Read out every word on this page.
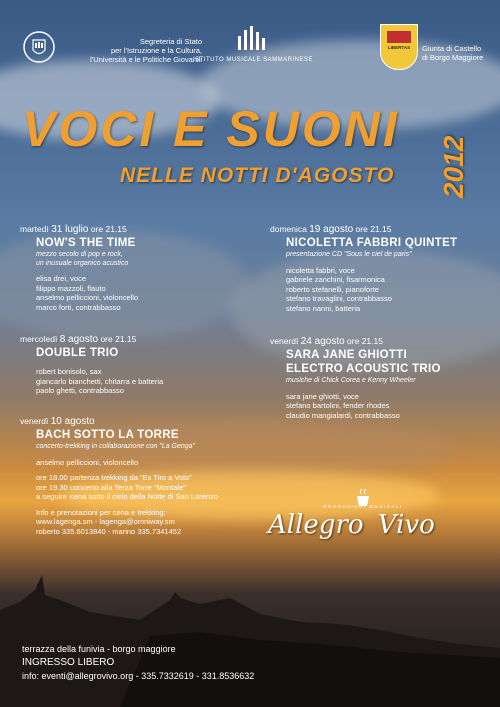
Segreteria di Stato
per l'Istruzione e la Cultura,
l'Università e le Politiche Giovanili
ISTITUTO MUSICALE SAMMARINESE
LIBERTAS	Giunta di Castello
di Borgo Maggiore
VOCI E SUONI
NELLE NOTTI D'AGOSTO 2012
martedì 31 luglio ore 21.15
NOW'S THE TIME
mezzo secolo di pop e rock,
un inusuale organico acustico
elisa drei, voce
filippo mazzoli, flauto
anselmo pelliccioni, violoncello
marco forti, contrabbasso
mercoledì 8 agosto ore 21.15
DOUBLE TRIO
robert bonisolo, sax
giancarlo bianchetti, chitarra e batteria
paolo ghetti, contrabbasso
venerdì 10 agosto
BACH SOTTO LA TORRE
concerto-trekking in collaborazione con "La Genga"
anselmo pelliccioni, violoncello
ore 18.00 partenza trekking da "Ex Tiro a Volo"
ore 19.30 concerto alla Terza Torre "Montale"
a seguire cena sotto il cielo della Notte di San Lorenzo
Info e prenotazioni per cena e trekking:
www.lagenga.sm - lagenga@omniway.sm
roberto 335.6013840 - marino 335.7341452
domenica 19 agosto ore 21.15
NICOLETTA FABBRI QUINTET
presentazione CD "Sous le ciel de paris"
nicoletta fabbri, voce
gabriele zanchini, fisarmonica
roberto stefanelli, pianoforte
stefano travaglini, contrabbasso
stefano nanni, batteria
venerdì 24 agosto ore 21.15
SARA JANE GHIOTTI
ELECTRO ACOUSTIC TRIO
musiche di Chick Corea e Kenny Wheeler
sara jane ghiotti, voce
stefano bartolini, fender rhodes
claudio mangialardi, contrabbasso
PRODUZIONI MUSICALI
Allegro Vivo
terrazza della funivia - borgo maggiore
INGRESSO LIBERO
info: eventi@allegrovivo.org - 335.7332619 - 331.8536632
